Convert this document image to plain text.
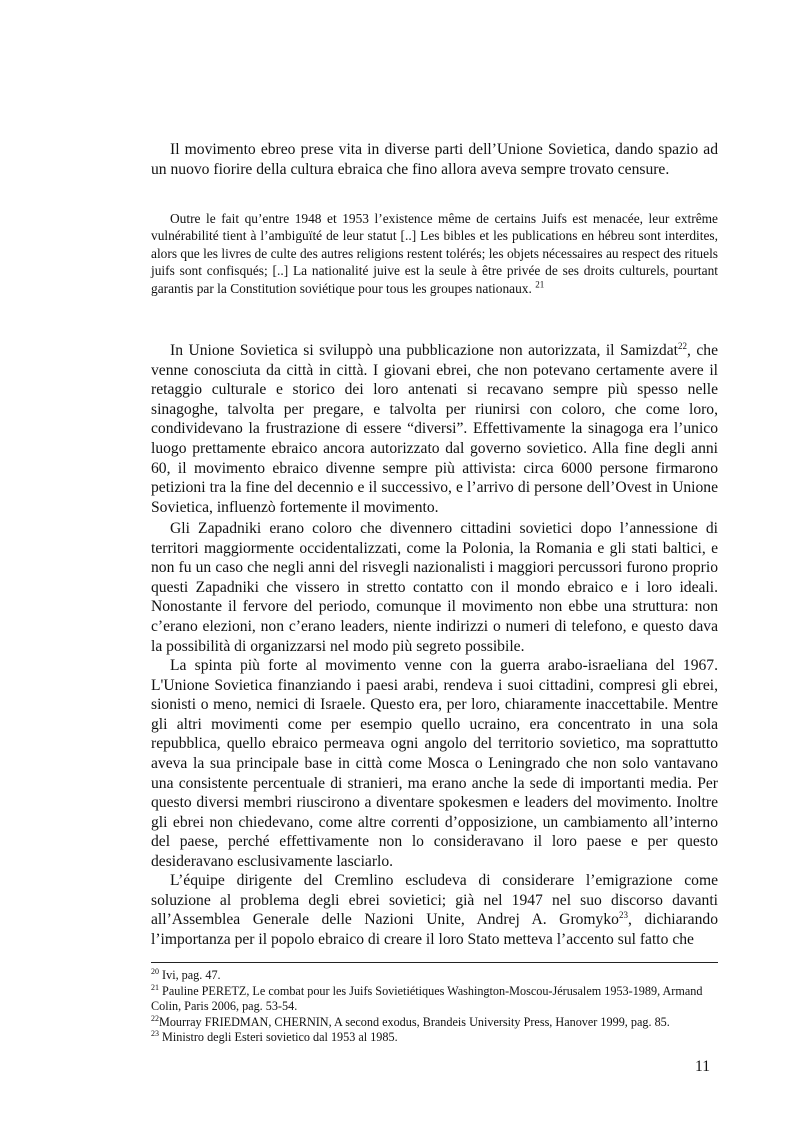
Il movimento ebreo prese vita in diverse parti dell’Unione Sovietica, dando spazio ad un nuovo fiorire della cultura ebraica che fino allora aveva sempre trovato censure.

Outre le fait qu’entre 1948 et 1953 l’existence même de certains Juifs est menacée, leur extrême vulnérabilité tient à l’ambiguïté de leur statut [..] Les bibles et les publications en hébreu sont interdites, alors que les livres de culte des autres religions restent tolérés; les objets nécessaires au respect des rituels juifs sont confisqués; [..] La nationalité juive est la seule à être privée de ses droits culturels, pourtant garantis par la Constitution soviétique pour tous les groupes nationaux. $^{21}$

In Unione Sovietica si sviluppò una pubblicazione non autorizzata, il Samizdat$^{22}$, che venne conosciuta da città in città. I giovani ebrei, che non potevano certamente avere il retaggio culturale e storico dei loro antenati si recavano sempre più spesso nelle sinagoghe, talvolta per pregare, e talvolta per riunirsi con coloro, che come loro, condividevano la frustrazione di essere “diversi”. Effettivamente la sinagoga era l’unico luogo prettamente ebraico ancora autorizzato dal governo sovietico. Alla fine degli anni 60, il movimento ebraico divenne sempre più attivista: circa 6000 persone firmarono petizioni tra la fine del decennio e il successivo, e l’arrivo di persone dell’Ovest in Unione Sovietica, influenzò fortemente il movimento.

Gli Zapadniki erano coloro che divennero cittadini sovietici dopo l’annessione di territori maggiormente occidentalizzati, come la Polonia, la Romania e gli stati baltici, e non fu un caso che negli anni del risvegli nazionalisti i maggiori percussori furono proprio questi Zapadniki che vissero in stretto contatto con il mondo ebraico e i loro ideali. Nonostante il fervore del periodo, comunque il movimento non ebbe una struttura: non c’erano elezioni, non c’erano leaders, niente indirizzi o numeri di telefono, e questo dava la possibilità di organizzarsi nel modo più segreto possibile.

La spinta più forte al movimento venne con la guerra arabo-israeliana del 1967. L'Unione Sovietica finanziando i paesi arabi, rendeva i suoi cittadini, compresi gli ebrei, sionisti o meno, nemici di Israele. Questo era, per loro, chiaramente inaccettabile. Mentre gli altri movimenti come per esempio quello ucraino, era concentrato in una sola repubblica, quello ebraico permeava ogni angolo del territorio sovietico, ma soprattutto aveva la sua principale base in città come Mosca o Leningrado che non solo vantavano una consistente percentuale di stranieri, ma erano anche la sede di importanti media. Per questo diversi membri riuscirono a diventare spokesmen e leaders del movimento. Inoltre gli ebrei non chiedevano, come altre correnti d’opposizione, un cambiamento all’interno del paese, perché effettivamente non lo consideravano il loro paese e per questo desideravano esclusivamente lasciarlo.

L’équipe dirigente del Cremlino escludeva di considerare l’emigrazione come soluzione al problema degli ebrei sovietici; già nel 1947 nel suo discorso davanti all’Assemblea Generale delle Nazioni Unite, Andrej A. Gromyko$^{23}$, dichiarando l’importanza per il popolo ebraico di creare il loro Stato metteva l’accento sul fatto che

$^{20}$ Ivi, pag. 47.
$^{21}$ Pauline PERETZ, Le combat pour les Juifs Sovietiétiques Washington-Moscou-Jérusalem 1953-1989, Armand Colin, Paris 2006, pag. 53-54.
$^{22}$Mourray FRIEDMAN, CHERNIN, A second exodus, Brandeis University Press, Hanover 1999, pag. 85.
$^{23}$ Ministro degli Esteri sovietico dal 1953 al 1985.
11
